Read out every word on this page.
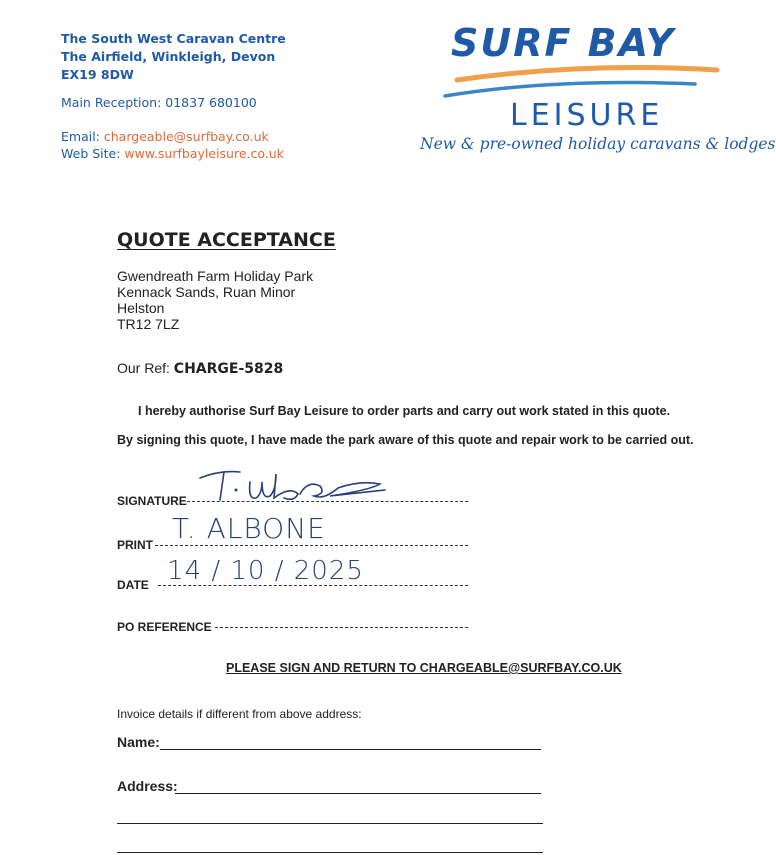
The South West Caravan Centre
The Airfield, Winkleigh, Devon
EX19 8DW
Main Reception: 01837 680100
Email: chargeable@surfbay.co.uk
Web Site: www.surfbayleisure.co.uk
SURF BAY
LEISURE
New & pre-owned holiday caravans & lodges
QUOTE ACCEPTANCE
Gwendreath Farm Holiday Park
Kennack Sands, Ruan Minor
Helston
TR12 7LZ
Our Ref: CHARGE-5828
I hereby authorise Surf Bay Leisure to order parts and carry out work stated in this quote.
By signing this quote, I have made the park aware of this quote and repair work to be carried out.
SIGNATURE
T. Albone
PRINT T. ALBONE
DATE 14 / 10 / 2025
PO REFERENCE
PLEASE SIGN AND RETURN TO CHARGEABLE@SURFBAY.CO.UK
Invoice details if different from above address:
Name:
Address:
